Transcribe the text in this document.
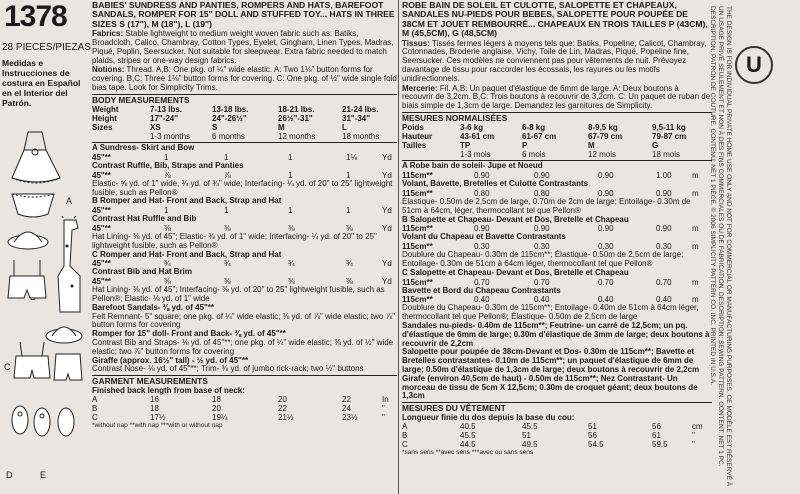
1378
28 PIECES/PIEZAS
Medidas e Instrucciones de costura en Español en el Interior del Patrón.
A
C
D	E
BABIES' SUNDRESS AND PANTIES, ROMPERS AND HATS, BAREFOOT SANDALS, ROMPER FOR 15" DOLL AND STUFFED TOY... HATS IN THREE SIZES S (17"), M (18"), L (19")
Fabrics: Stable lightweight to medium weight woven fabric such as: Batiks, Broadcloth, Calico, Chambray, Cotton Types, Eyelet, Gingham, Linen Types, Madras, Piqué, Poplin, Seersucker. Not suitable for sleepwear. Extra fabric needed to match plaids, stripes or one-way design fabrics.
Notions: Thread. A,B: One pkg. of ¼" wide elastic. A: Two 1⅛" button forms for covering. B,C: Three 1⅛" button forms for covering. C: One pkg. of ½" wide single fold bias tape. Look for Simplicity Trims.
BODY MEASUREMENTS
Weight	7-13 lbs.	13-18 lbs.	18-21 lbs.	21-24 lbs.
Height	17"-24"	24"-26½"	26½"-31"	31"-34"
Sizes	XS	S	M	L
1-3 months	6 months	12 months	18 months
A Sundress- Skirt and Bow
45"**	1	1	1	1⅛	Yd
Contrast Ruffle, Bib, Straps and Panties
45"**	⅞	⅞	1	1	Yd
Elastic- ⅝ yd. of 1" wide, ¾ yd. of ¾" wide; Interfacing- ¼ yd. of 20" to 25" lightweight fusible, such as Pellon®
B Romper and Hat- Front and Back, Strap and Hat
45"**	1	1	1	1	Yd
Contrast Hat Ruffle and Bib
45"**	⅜	⅜	⅜	⅜	Yd
Hat Lining- ⅜ yd. of 45"; Elastic- ⅜ yd. of 1" wide; Interfacing- ¼ yd. of 20" to 25" lightweight fusible, such as Pellon®
C Romper and Hat- Front and Back, Strap and Hat
45"**	¾	¾	¾	¾	Yd
Contrast Bib and Hat Brim
45"**	⅜	⅜	⅜	⅜	Yd
Hat Lining- ⅜ yd. of 45"; Interfacing- ⅜ yd. of 20" to 25" lightweight fusible, such as Pellon®; Elastic- ⅛ yd. of 1" wide
Barefoot Sandals- ⅜ yd. of 45"**
Felt Remnant- 5" square; one pkg. of ¼" wide elastic; ⅜ yd. of ⅞" wide elastic; two ⅞" button forms for covering
Romper for 15" doll- Front and Back- ⅜ yd. of 45"**
Contrast Bib and Straps- ⅛ yd. of 45"**; one pkg. of ¼" wide elastic; ⅜ yd. of ½" wide elastic; two ⅞" button forms for covering
Giraffe (approx. 16½" tall) - ½ yd. of 45"**
Contrast Nose- ⅛ yd. of 45"**; Trim- ⅜ yd. of jumbo rick-rack; two ½" buttons
GARMENT MEASUREMENTS
Finished back length from base of neck:
A	16	18	20	22	In
B	18	20	22	24	"
C	17½	19¼	21½	23½	"
*without nap **with nap ***with or without nap
ROBE BAIN DE SOLEIL ET CULOTTE, SALOPETTE ET CHAPEAUX, SANDALES NU-PIEDS POUR BEBES, SALOPETTE POUR POUPÉE DE 38CM ET JOUET REMBOURRÉ... CHAPEAUX EN TROIS TAILLES P (43CM), M (45,5CM), G (48,5CM)
Tissus: Tissés fermes légers à moyens tels que: Batiks, Popeline, Calicot, Chambray, Cotonnades, Broderie anglaise, Vichy, Toile de Lin, Madras, Piqué, Popeline fine, Seersucker. Ces modèles ne conviennent pas pour vêtements de nuit. Prévoyez davantage de tissu pour raccorder les écossais, les rayures ou les motifs unidirectionnels.
Mercerie: Fil. A,B: Un paquet d'élastique de 6mm de large. A: Deux boutons à recouvrir de 3,2cm. B,C: Trois boutons à recouvrir de 3,2cm. C: Un paquet de ruban de biais simple de 1,3cm de large. Demandez les garnitures de Simplicity.
MESURES NORMALISÉES
Poids	3-6 kg	6-8 kg	8-9,5 kg	9,5-11 kg
Hauteur	43-61 cm	61-67 cm	67-79 cm	79-87 cm
Tailles	TP	P	M	G
1-3 mois	6 mois	12 mois	18 mois
A Robe bain de soleil- Jupe et Noeud
115cm**	0.90	0.90	0.90	1.00	m
Volant, Bavette, Bretelles et Culotte Contrastants
115cm**	0.80	0.80	0.90	0.90	m
Élastique- 0.50m de 2,5cm de large, 0.70m de 2cm de large; Entoilage- 0.30m de 51cm à 64cm, léger, thermocollant tel que Pellon®
B Salopette et Chapeau- Devant et Dos, Bretelle et Chapeau
115cm**	0.90	0.90	0.90	0.90	m
Volant du Chapeau et Bavette Contrastants
115cm**	0.30	0.30	0.30	0.30	m
Doublure du Chapeau- 0.30m de 115cm**; Élastique- 0.50m de 2,5cm de large; Entoilage- 0.30m de 51cm à 64cm léger, thermocollant tel que Pellon®
C Salopette et Chapeau- Devant et Dos, Bretelle et Chapeau
115cm**	0.70	0.70	0.70	0.70	m
Bavette et Bord du Chapeau Contrastants
115cm**	0.40	0.40	0.40	0.40	m
Doublure du Chapeau- 0.30m de 115cm**; Entoilage- 0.40m de 51cm à 64cm léger, thermocollant tel que Pellon®; Élastique- 0.50m de 2,5cm de large
Sandales nu-pieds- 0.40m de 115cm**; Feutrine- un carré de 12,5cm; un pq. d'élastique de 6mm de large; 0.30m d'élastique de 3mm de large; deux boutons à recouvrir de 2,2cm
Salopette pour poupée de 38cm-Devant et Dos- 0.30m de 115cm**; Bavette et Bretelles contrastantes- 0.10m de 115cm**; un paquet d'élastique de 6mm de large; 0.50m d'élastique de 1,3cm de large; deux boutons à recouvrir de 2,2cm
Girafe (environ 40,5cm de haut) - 0.50m de 115cm**; Nez Contrastant- Un morceau de tissu de 5cm X 12,5cm; 0.30m de croquet géant; deux boutons de 1,3cm
MESURES DU VÊTEMENT
Longueur finie du dos depuis la base du cou:
A	40.5	45.5	51	56	cm
B	45.5	51	56	61	"
C	44.5	49.5	54.5	59.5	"
*sans sens **avec sens ***avec ou sans sens
U
THE DESIGN IS FOR INDIVIDUAL PRIVATE HOME USE ONLY AND NOT FOR COMMERCIAL OR MANUFACTURING PURPOSES. CE MODÈLE EST RÉSERVÉ À UN USAGE PRIVÉ SEULEMENT ET NON À DES FINS COMMERCIALES OU DE FABRICATION. DESCRIPTION: SEWING PATTERN. CONTENT: NET 1 PC. DESCRIPTION: PATRON DE COUTURE. CONTENU: NET 1 PIÈCE. © 2006 SIMPLICITY PATTERN CO. INC. PRINTED IN U.S.A.
